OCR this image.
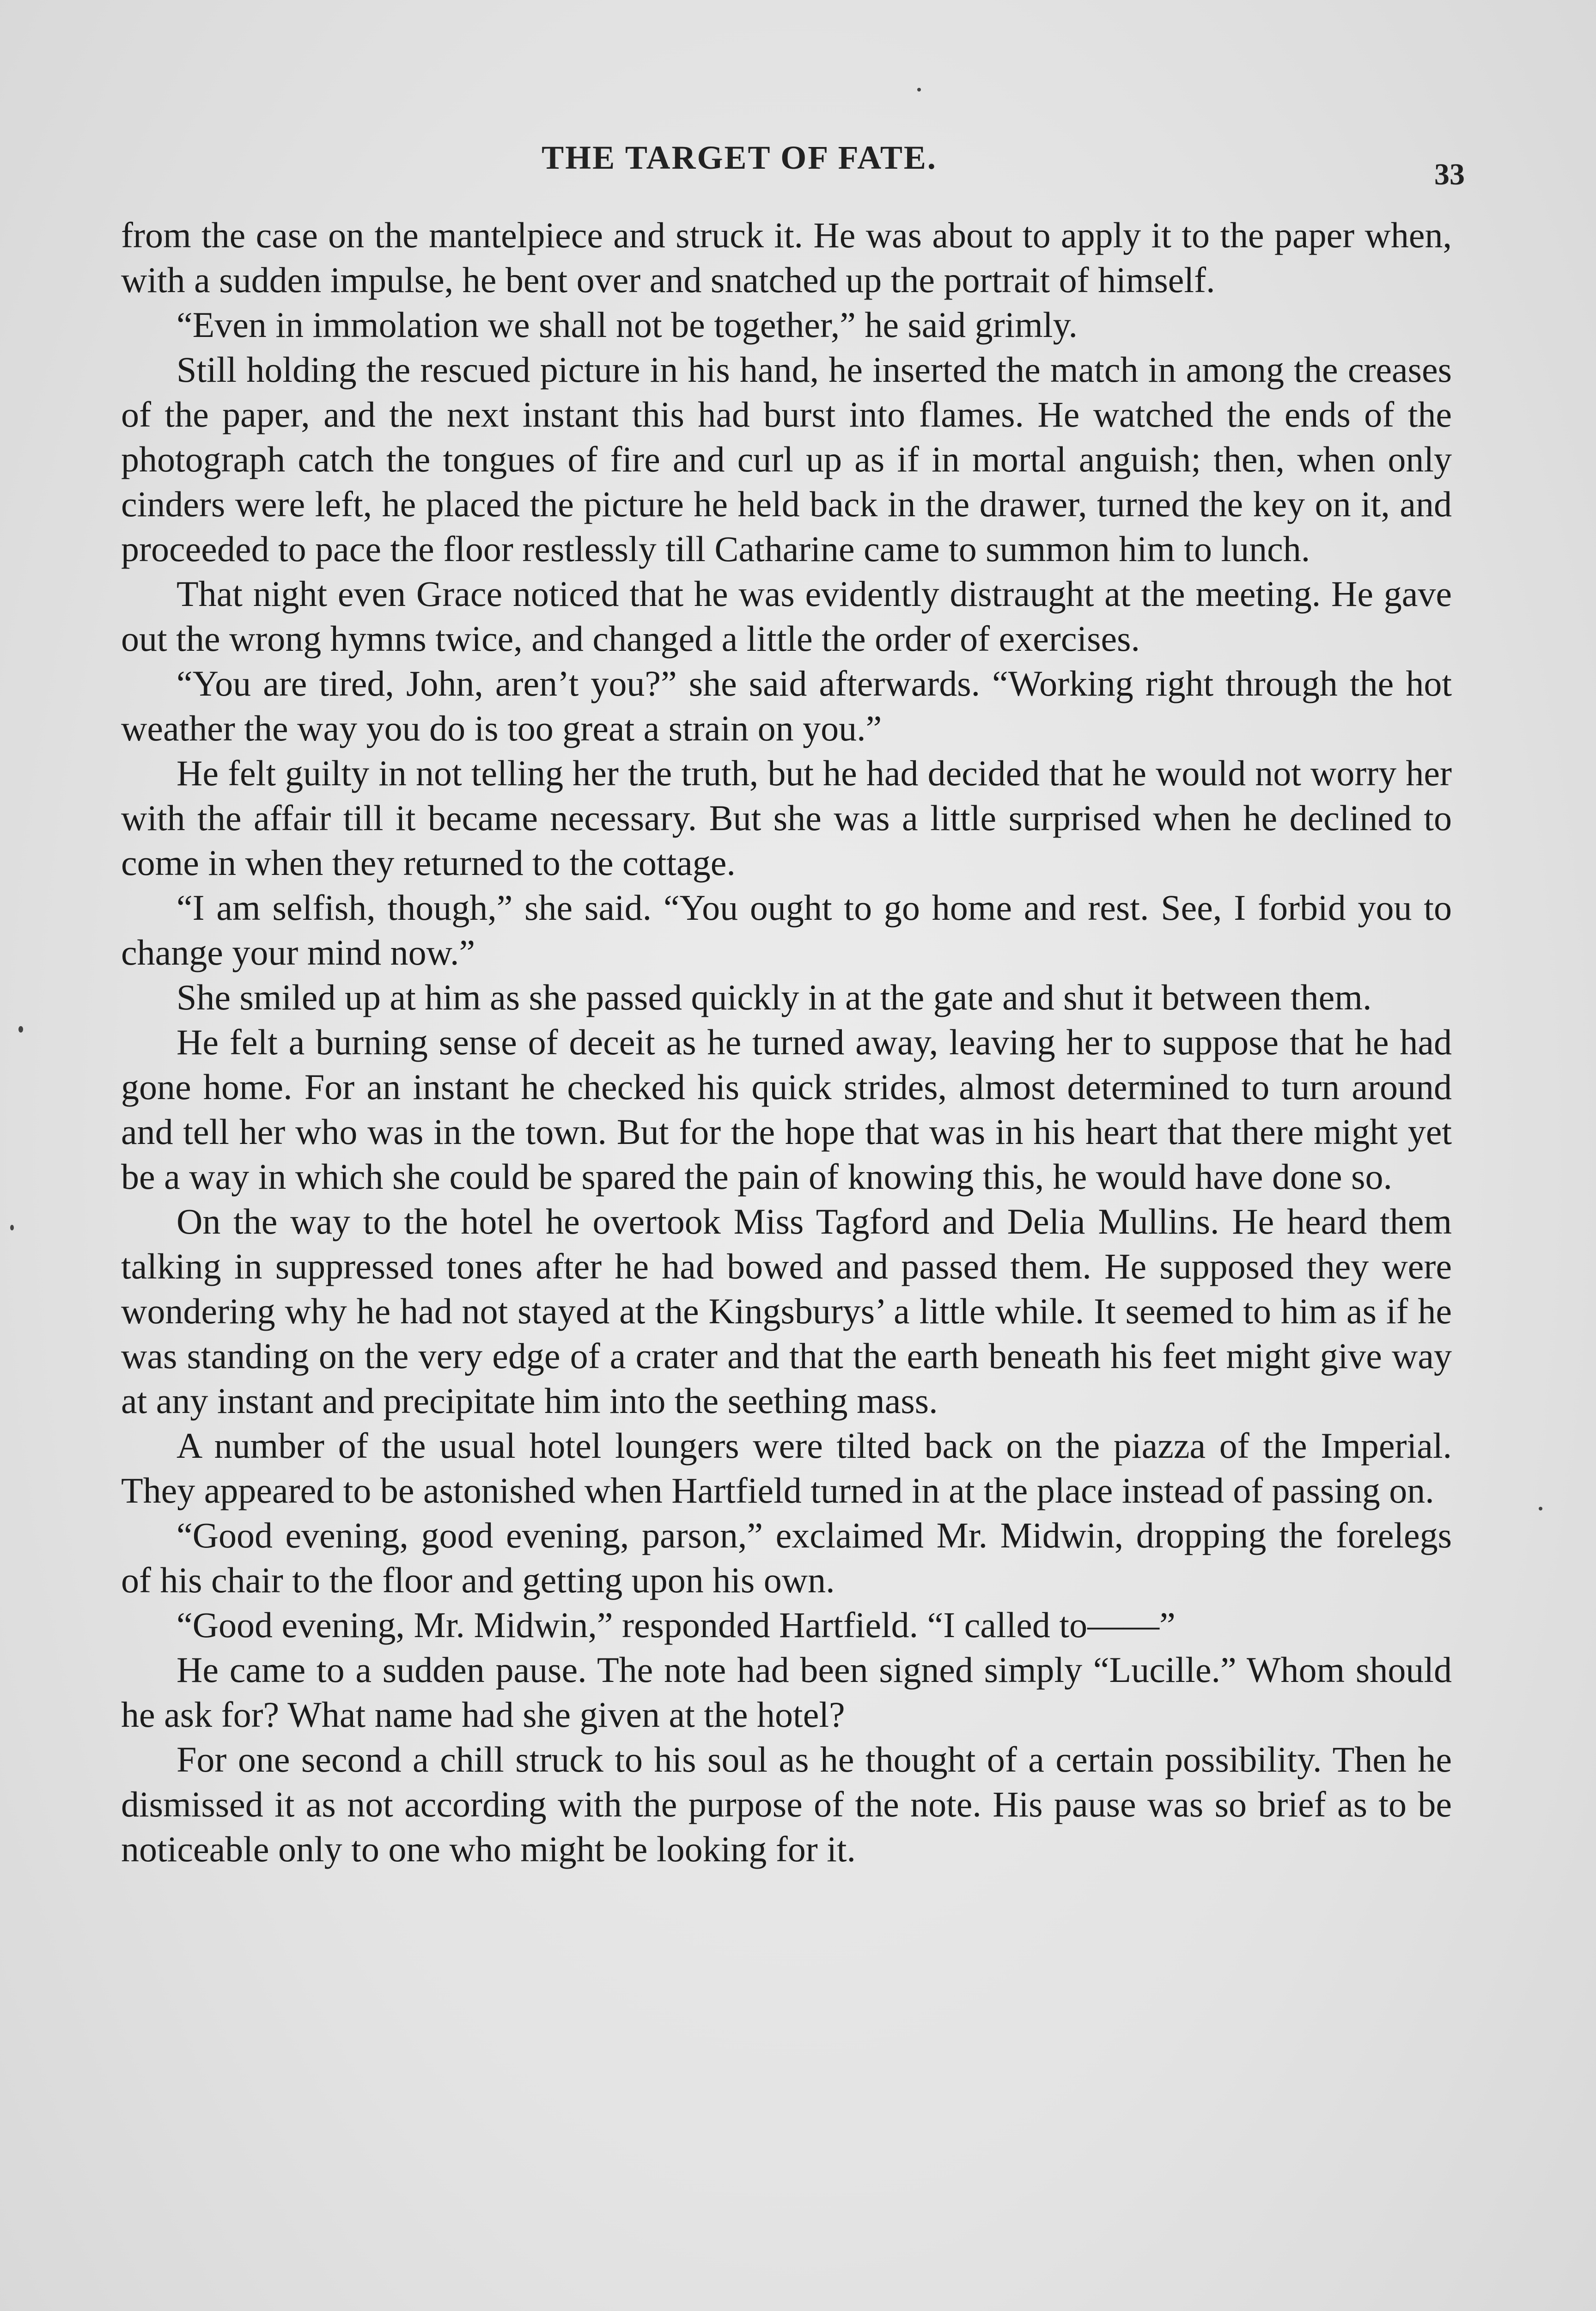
THE TARGET OF FATE.	33

from the case on the mantelpiece and struck it. He was about to apply it to the paper when, with a sudden impulse, he bent over and snatched up the portrait of himself.

“Even in immolation we shall not be together,” he said grimly.

Still holding the rescued picture in his hand, he inserted the match in among the creases of the paper, and the next instant this had burst into flames. He watched the ends of the photograph catch the tongues of fire and curl up as if in mortal anguish; then, when only cinders were left, he placed the picture he held back in the drawer, turned the key on it, and proceeded to pace the floor restlessly till Catharine came to summon him to lunch.

That night even Grace noticed that he was evidently distraught at the meeting. He gave out the wrong hymns twice, and changed a little the order of exercises.

“You are tired, John, aren’t you?” she said afterwards. “Working right through the hot weather the way you do is too great a strain on you.”

He felt guilty in not telling her the truth, but he had decided that he would not worry her with the affair till it became necessary. But she was a little surprised when he declined to come in when they returned to the cottage.

“I am selfish, though,” she said. “You ought to go home and rest. See, I forbid you to change your mind now.”

She smiled up at him as she passed quickly in at the gate and shut it between them.

He felt a burning sense of deceit as he turned away, leaving her to suppose that he had gone home. For an instant he checked his quick strides, almost determined to turn around and tell her who was in the town. But for the hope that was in his heart that there might yet be a way in which she could be spared the pain of knowing this, he would have done so.

On the way to the hotel he overtook Miss Tagford and Delia Mullins. He heard them talking in suppressed tones after he had bowed and passed them. He supposed they were wondering why he had not stayed at the Kingsburys’ a little while. It seemed to him as if he was standing on the very edge of a crater and that the earth beneath his feet might give way at any instant and precipitate him into the seething mass.

A number of the usual hotel loungers were tilted back on the piazza of the Imperial. They appeared to be astonished when Hartfield turned in at the place instead of passing on.

“Good evening, good evening, parson,” exclaimed Mr. Midwin, dropping the forelegs of his chair to the floor and getting upon his own.

“Good evening, Mr. Midwin,” responded Hartfield. “I called to——”

He came to a sudden pause. The note had been signed simply “Lucille.” Whom should he ask for? What name had she given at the hotel?

For one second a chill struck to his soul as he thought of a certain possibility. Then he dismissed it as not according with the purpose of the note. His pause was so brief as to be noticeable only to one who might be looking for it.
